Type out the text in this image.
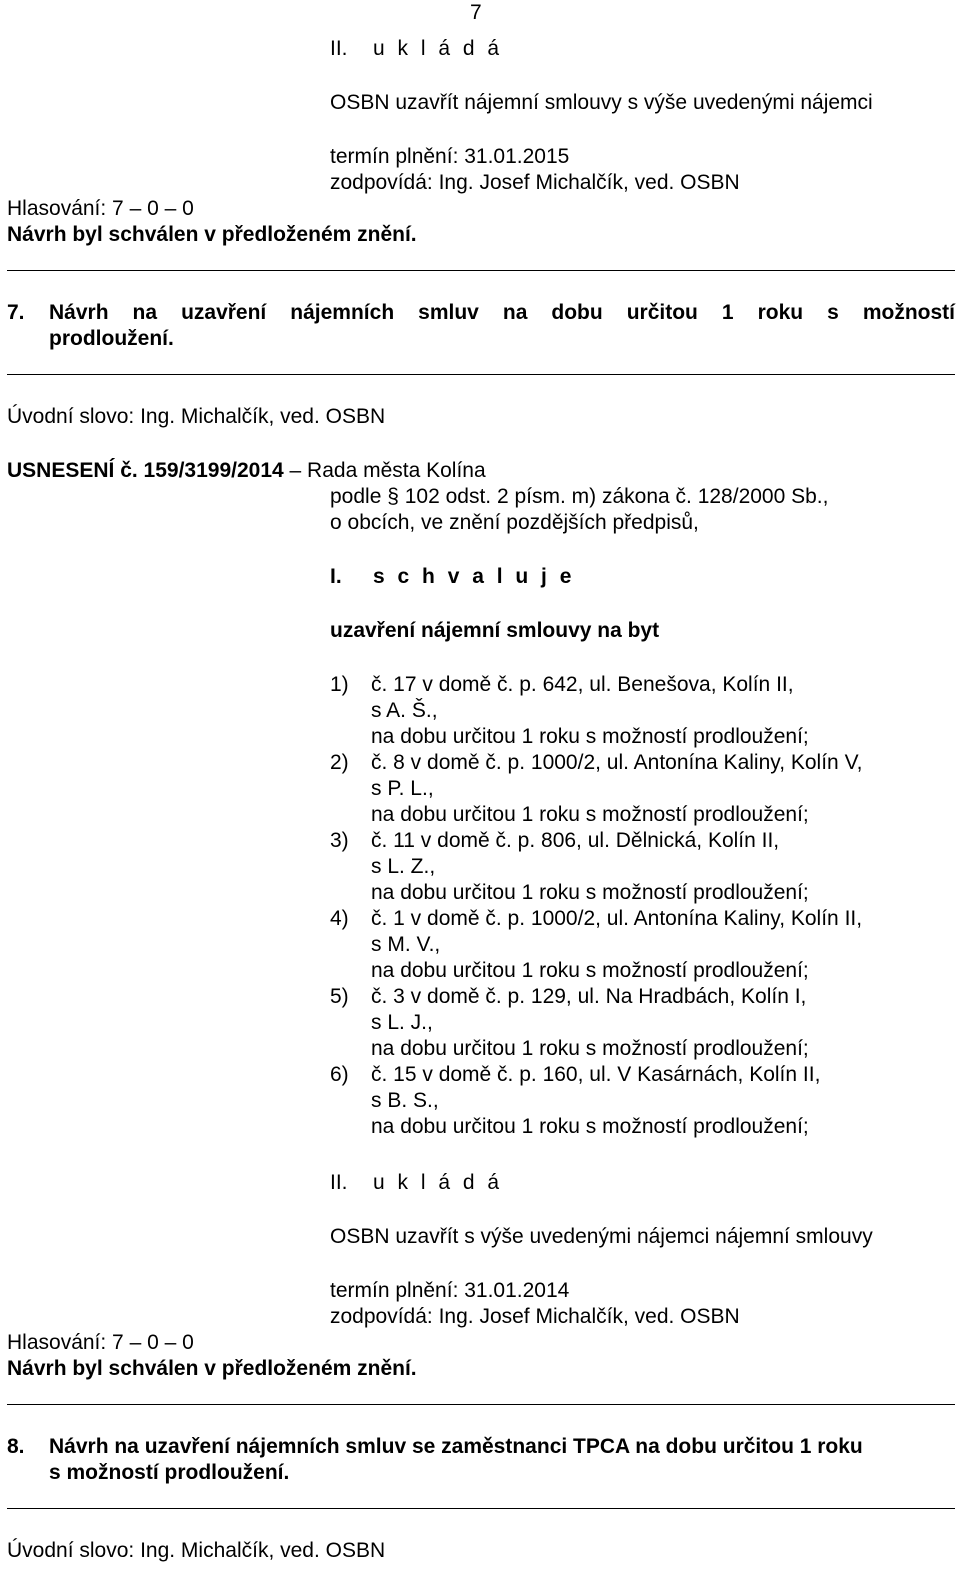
7
II. u k l á d á
OSBN uzavřít nájemní smlouvy s výše uvedenými nájemci
termín plnění: 31.01.2015
zodpovídá: Ing. Josef Michalčík, ved. OSBN
Hlasování: 7 – 0 – 0
Návrh byl schválen v předloženém znění.
7. Návrh na uzavření nájemních smluv na dobu určitou 1 roku s možností
prodloužení.
Úvodní slovo: Ing. Michalčík, ved. OSBN
USNESENÍ č. 159/3199/2014 – Rada města Kolína
podle § 102 odst. 2 písm. m) zákona č. 128/2000 Sb.,
o obcích, ve znění pozdějších předpisů,
I. s c h v a l u j e
uzavření nájemní smlouvy na byt
1) č. 17 v domě č. p. 642, ul. Benešova, Kolín II,
s A. Š.,
na dobu určitou 1 roku s možností prodloužení;
2) č. 8 v domě č. p. 1000/2, ul. Antonína Kaliny, Kolín V,
s P. L.,
na dobu určitou 1 roku s možností prodloužení;
3) č. 11 v domě č. p. 806, ul. Dělnická, Kolín II,
s L. Z.,
na dobu určitou 1 roku s možností prodloužení;
4) č. 1 v domě č. p. 1000/2, ul. Antonína Kaliny, Kolín II,
s M. V.,
na dobu určitou 1 roku s možností prodloužení;
5) č. 3 v domě č. p. 129, ul. Na Hradbách, Kolín I,
s L. J.,
na dobu určitou 1 roku s možností prodloužení;
6) č. 15 v domě č. p. 160, ul. V Kasárnách, Kolín II,
s B. S.,
na dobu určitou 1 roku s možností prodloužení;
II. u k l á d á
OSBN uzavřít s výše uvedenými nájemci nájemní smlouvy
termín plnění: 31.01.2014
zodpovídá: Ing. Josef Michalčík, ved. OSBN
Hlasování: 7 – 0 – 0
Návrh byl schválen v předloženém znění.
8. Návrh na uzavření nájemních smluv se zaměstnanci TPCA na dobu určitou 1 roku
s možností prodloužení.
Úvodní slovo: Ing. Michalčík, ved. OSBN
